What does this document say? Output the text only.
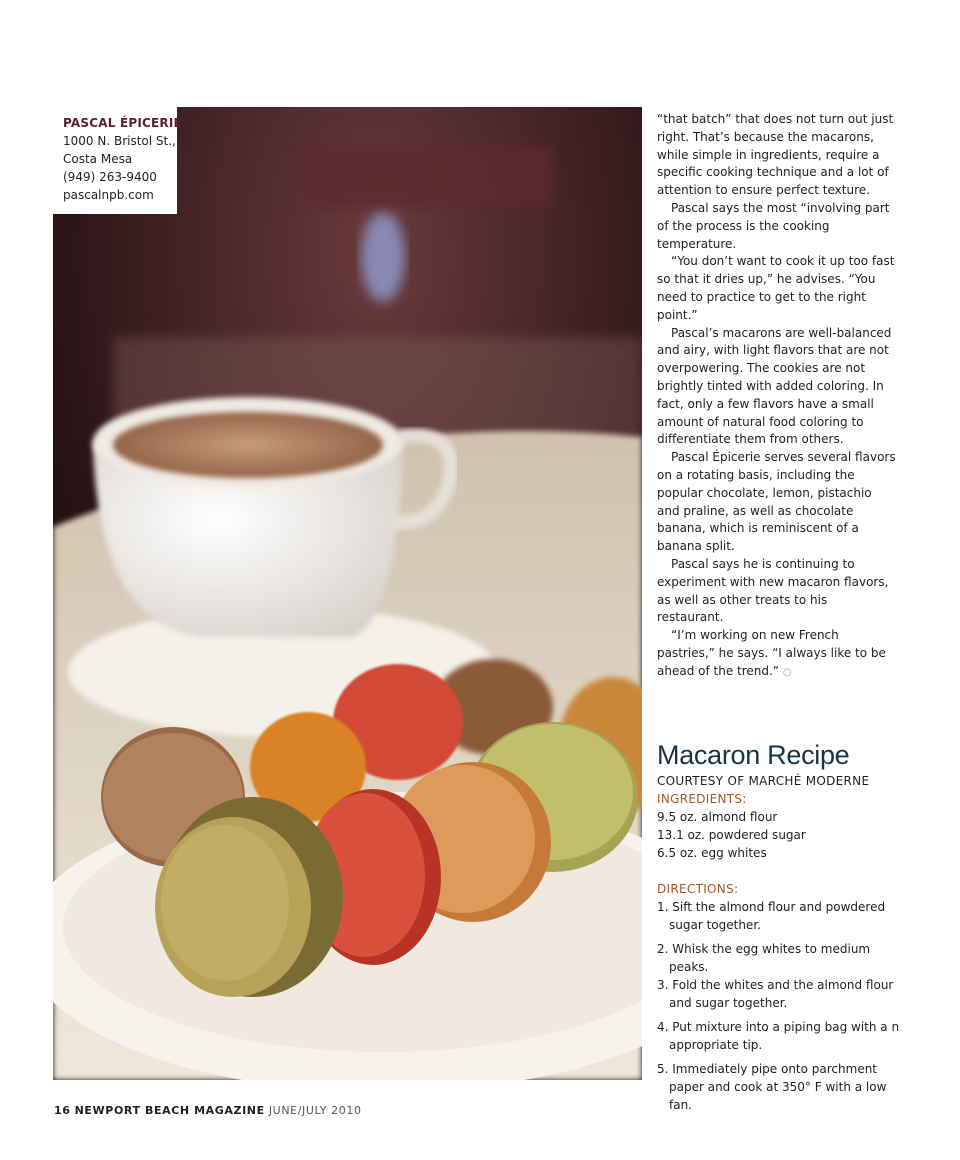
PASCAL ÉPICERIE
1000 N. Bristol St.,
Costa Mesa
(949) 263-9400
pascalnpb.com

“that batch” that does not turn out just right. That’s because the macarons, while simple in ingredients, require a specific cooking technique and a lot of attention to ensure perfect texture.

Pascal says the most “involving part of the process is the cooking temperature.

“You don’t want to cook it up too fast so that it dries up,” he advises. “You need to practice to get to the right point.”

Pascal’s macarons are well-balanced and airy, with light flavors that are not overpowering. The cookies are not brightly tinted with added coloring. In fact, only a few flavors have a small amount of natural food coloring to differentiate them from others.

Pascal Épicerie serves several flavors on a rotating basis, including the popular chocolate, lemon, pistachio and praline, as well as chocolate banana, which is reminiscent of a banana split.

Pascal says he is continuing to experiment with new macaron flavors, as well as other treats to his restaurant.

“I’m working on new French pastries,” he says. “I always like to be ahead of the trend.” ○

Macaron Recipe
COURTESY OF MARCHÉ MODERNE
INGREDIENTS:
9.5 oz. almond flour
13.1 oz. powdered sugar
6.5 oz. egg whites
DIRECTIONS:
1. Sift the almond flour and powdered sugar together.
2. Whisk the egg whites to medium peaks.
3. Fold the whites and the almond flour and sugar together.
4. Put mixture into a piping bag with a n appropriate tip.
5. Immediately pipe onto parchment paper and cook at 350° F with a low fan.
16 NEWPORT BEACH MAGAZINE JUNE/JULY 2010
